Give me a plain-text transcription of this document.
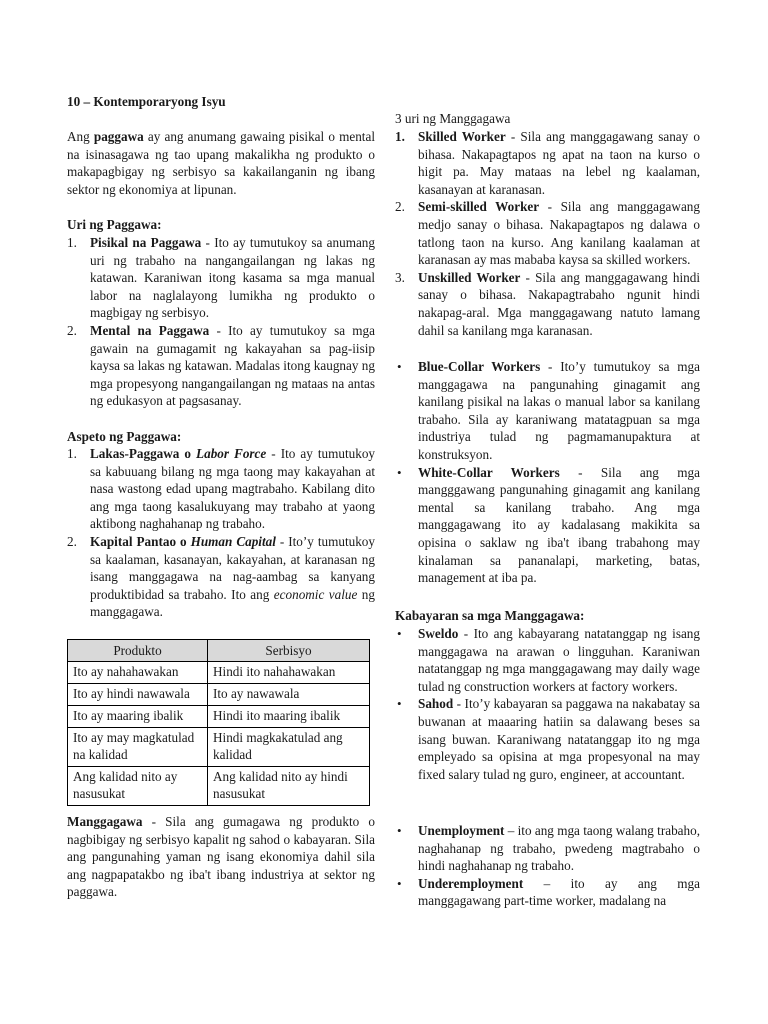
10 – Kontemporaryong Isyu

Ang paggawa ay ang anumang gawaing pisikal o mental na isinasagawa ng tao upang makalikha ng produkto o makapagbigay ng serbisyo sa kakailanganin ng ibang sektor ng ekonomiya at lipunan.

Uri ng Paggawa:
1. Pisikal na Paggawa - Ito ay tumutukoy sa anumang uri ng trabaho na nangangailangan ng lakas ng katawan. Karaniwan itong kasama sa mga manual labor na naglalayong lumikha ng produkto o magbigay ng serbisyo.
2. Mental na Paggawa - Ito ay tumutukoy sa mga gawain na gumagamit ng kakayahan sa pag-iisip kaysa sa lakas ng katawan. Madalas itong kaugnay ng mga propesyong nangangailangan ng mataas na antas ng edukasyon at pagsasanay.
Aspeto ng Paggawa:
1. Lakas-Paggawa o Labor Force - Ito ay tumutukoy sa kabuuang bilang ng mga taong may kakayahan at nasa wastong edad upang magtrabaho. Kabilang dito ang mga taong kasalukuyang may trabaho at yaong aktibong naghahanap ng trabaho.
2. Kapital Pantao o Human Capital - Ito’y tumutukoy sa kaalaman, kasanayan, kakayahan, at karanasan ng isang manggagawa na nag-aambag sa kanyang produktibidad sa trabaho. Ito ang economic value ng manggagawa.
Produkto	Serbisyo
Ito ay nahahawakan	Hindi ito nahahawakan
Ito ay hindi nawawala	Ito ay nawawala
Ito ay maaring ibalik	Hindi ito maaring ibalik
Ito ay may magkatulad na kalidad	Hindi magkakatulad ang kalidad
Ang kalidad nito ay nasusukat	Ang kalidad nito ay hindi nasusukat

Manggagawa - Sila ang gumagawa ng produkto o nagbibigay ng serbisyo kapalit ng sahod o kabayaran. Sila ang pangunahing yaman ng isang ekonomiya dahil sila ang nagpapatakbo ng iba't ibang industriya at sektor ng paggawa.

3 uri ng Manggagawa
1. Skilled Worker - Sila ang manggagawang sanay o bihasa. Nakapagtapos ng apat na taon na kurso o higit pa. May mataas na lebel ng kaalaman, kasanayan at karanasan.
2. Semi-skilled Worker - Sila ang manggagawang medjo sanay o bihasa. Nakapagtapos ng dalawa o tatlong taon na kurso. Ang kanilang kaalaman at karanasan ay mas mababa kaysa sa skilled workers.
3. Unskilled Worker - Sila ang manggagawang hindi sanay o bihasa. Nakapagtrabaho ngunit hindi nakapag-aral. Mga manggagawang natuto lamang dahil sa kanilang mga karanasan.
• Blue-Collar Workers - Ito’y tumutukoy sa mga manggagawa na pangunahing ginagamit ang kanilang pisikal na lakas o manual labor sa kanilang trabaho. Sila ay karaniwang matatagpuan sa mga industriya tulad ng pagmamanupaktura at konstruksyon.
• White-Collar Workers - Sila ang mga mangggawang pangunahing ginagamit ang kanilang mental sa kanilang trabaho. Ang mga manggagawang ito ay kadalasang makikita sa opisina o saklaw ng iba't ibang trabahong may kinalaman sa pananalapi, marketing, batas, management at iba pa.
Kabayaran sa mga Manggagawa:
• Sweldo - Ito ang kabayarang natatanggap ng isang manggagawa na arawan o lingguhan. Karaniwan natatanggap ng mga manggagawang may daily wage tulad ng construction workers at factory workers.
• Sahod - Ito’y kabayaran sa paggawa na nakabatay sa buwanan at maaaring hatiin sa dalawang beses sa isang buwan. Karaniwang natatanggap ito ng mga empleyado sa opisina at mga propesyonal na may fixed salary tulad ng guro, engineer, at accountant.
• Unemployment – ito ang mga taong walang trabaho, naghahanap ng trabaho, pwedeng magtrabaho o hindi naghahanap ng trabaho.
• Underemployment – ito ay ang mga manggagawang part-time worker, madalang na
